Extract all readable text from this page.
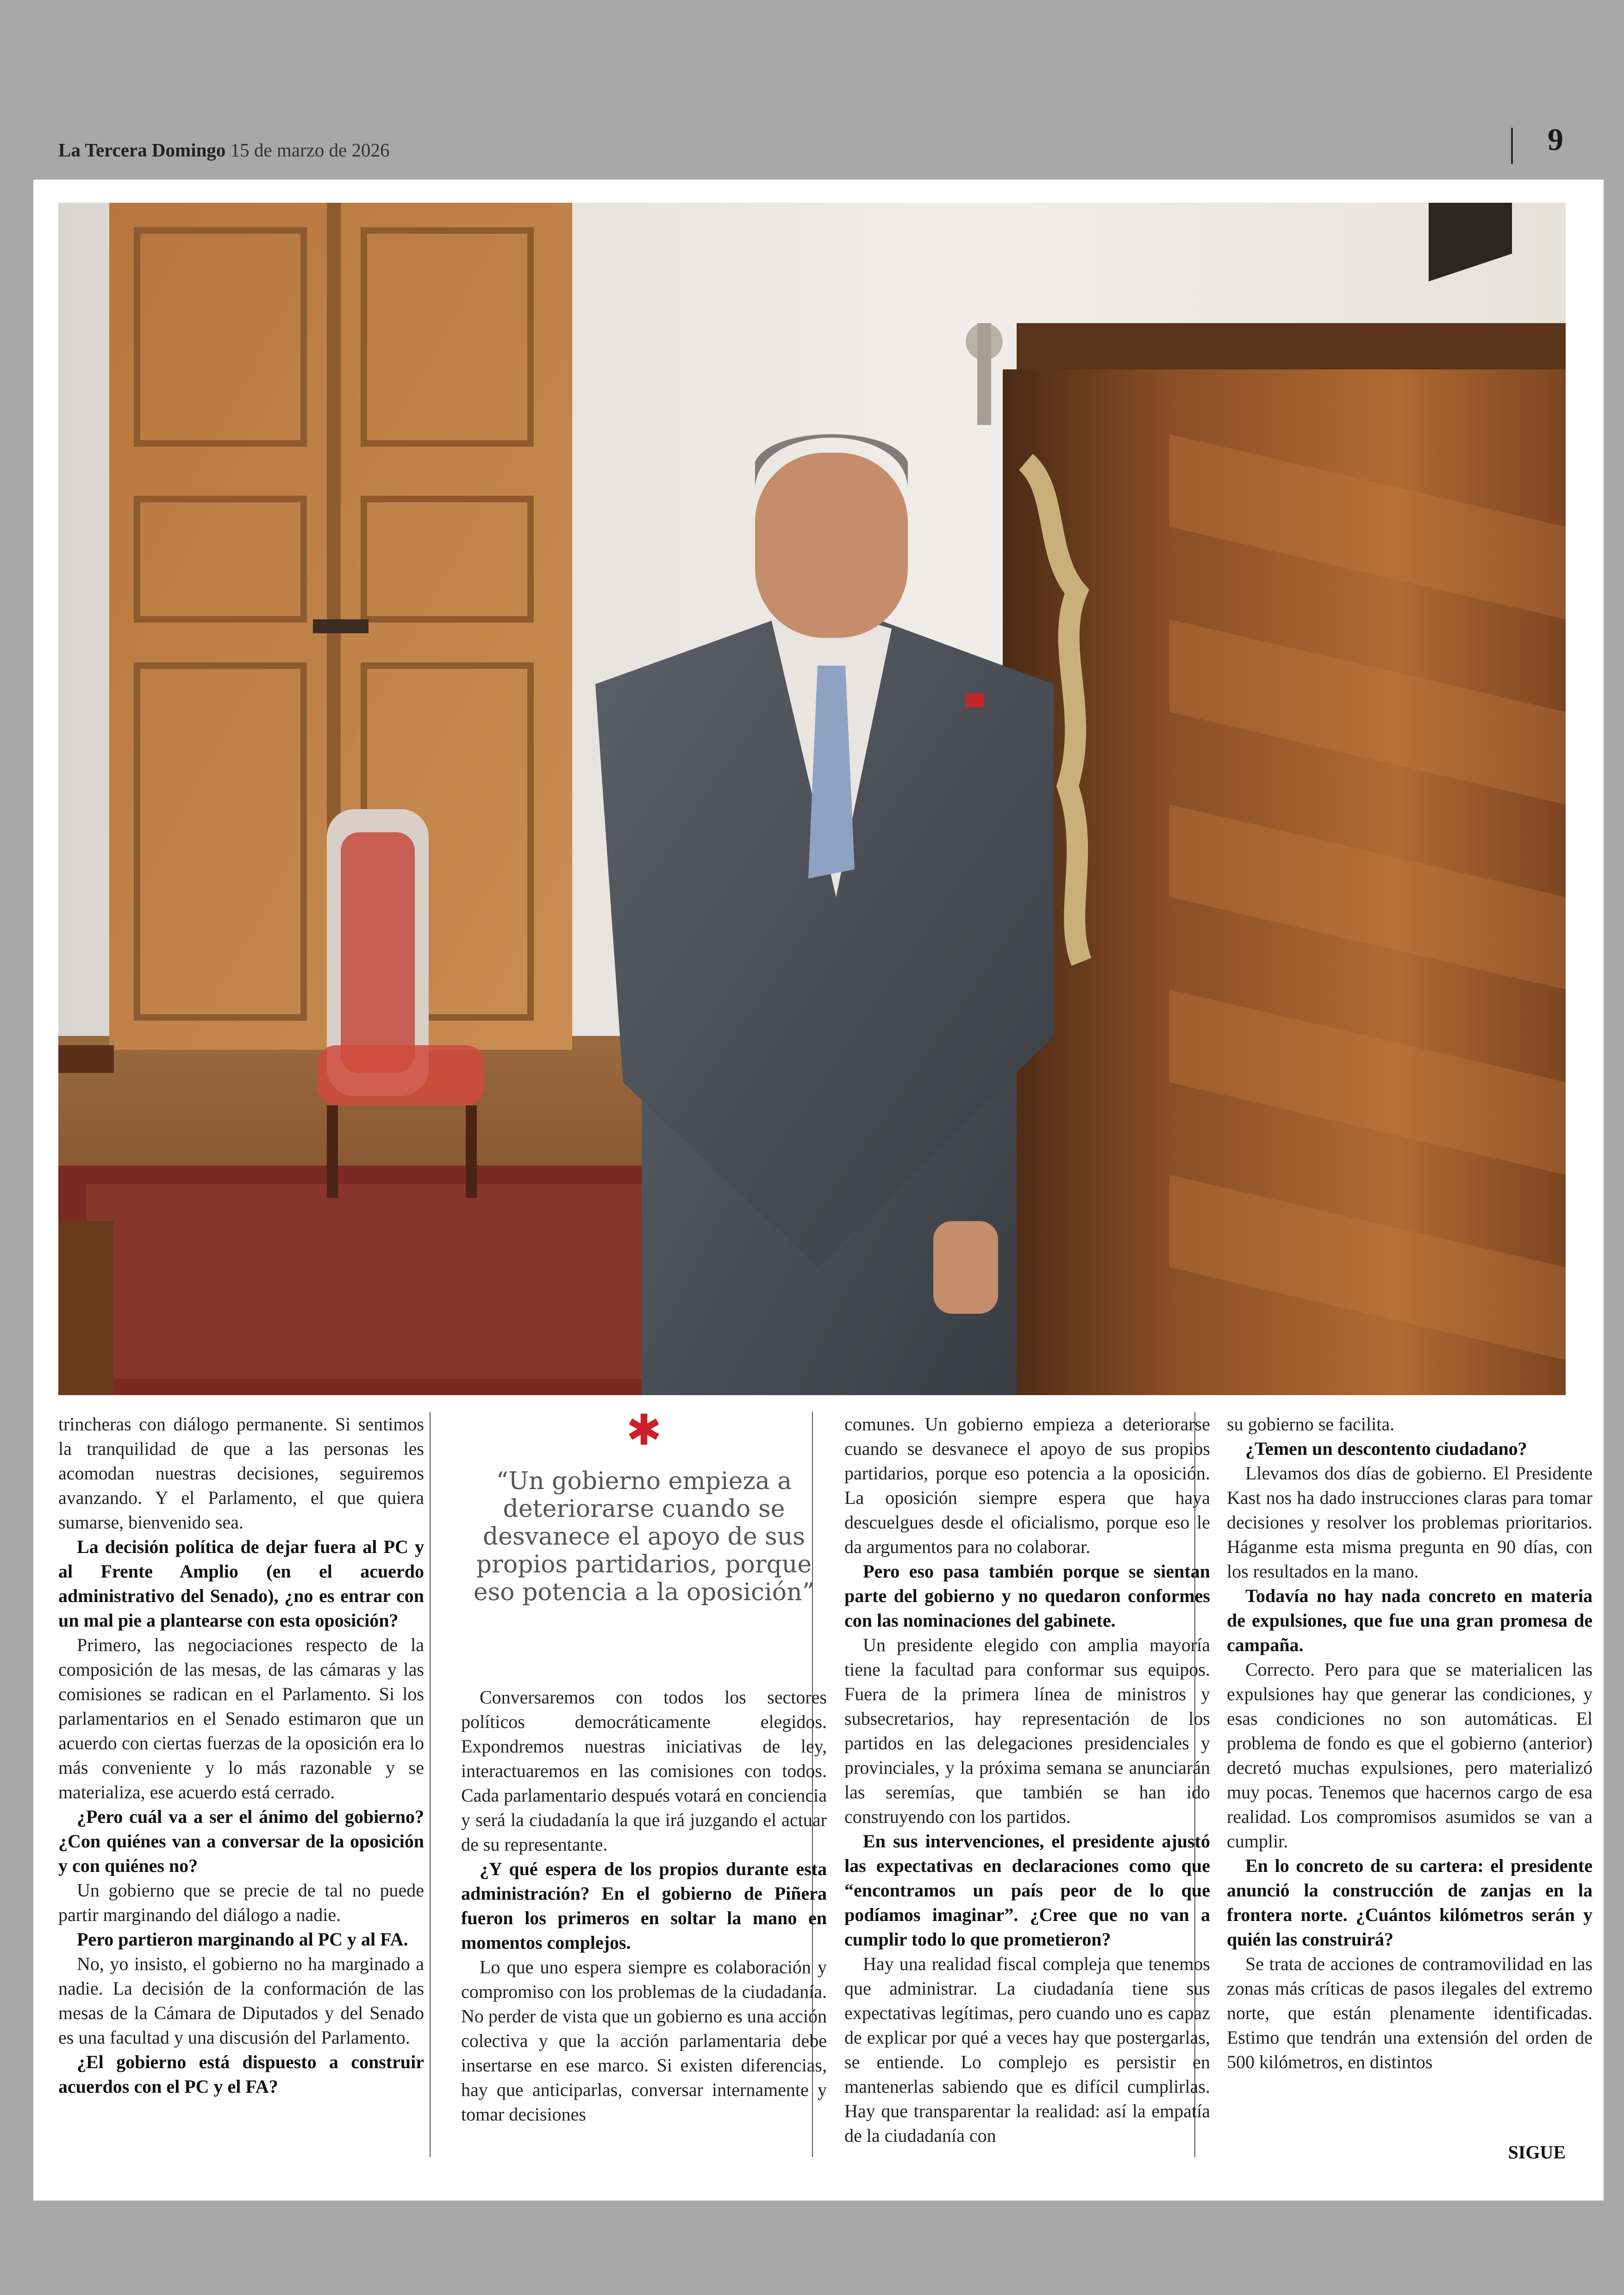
La Tercera Domingo 15 de marzo de 2026	9

trincheras con diálogo permanente. Si sentimos la tranquilidad de que a las personas les acomodan nuestras decisiones, seguiremos avanzando. Y el Parlamento, el que quiera sumarse, bienvenido sea.

La decisión política de dejar fuera al PC y al Frente Amplio (en el acuerdo administrativo del Senado), ¿no es entrar con un mal pie a plantearse con esta oposición?

Primero, las negociaciones respecto de la composición de las mesas, de las cámaras y las comisiones se radican en el Parlamento. Si los parlamentarios en el Senado estimaron que un acuerdo con ciertas fuerzas de la oposición era lo más conveniente y lo más razonable y se materializa, ese acuerdo está cerrado.

¿Pero cuál va a ser el ánimo del gobierno? ¿Con quiénes van a conversar de la oposición y con quiénes no?

Un gobierno que se precie de tal no puede partir marginando del diálogo a nadie.

Pero partieron marginando al PC y al FA.

No, yo insisto, el gobierno no ha marginado a nadie. La decisión de la conformación de las mesas de la Cámara de Diputados y del Senado es una facultad y una discusión del Parlamento.

¿El gobierno está dispuesto a construir acuerdos con el PC y el FA?

✱
“Un gobierno empieza a deteriorarse cuando se desvanece el apoyo de sus propios partidarios, porque eso potencia a la oposición”

Conversaremos con todos los sectores políticos democráticamente elegidos. Expondremos nuestras iniciativas de ley, interactuaremos en las comisiones con todos. Cada parlamentario después votará en conciencia y será la ciudadanía la que irá juzgando el actuar de su representante.

¿Y qué espera de los propios durante esta administración? En el gobierno de Piñera fueron los primeros en soltar la mano en momentos complejos.

Lo que uno espera siempre es colaboración y compromiso con los problemas de la ciudadanía. No perder de vista que un gobierno es una acción colectiva y que la acción parlamentaria debe insertarse en ese marco. Si existen diferencias, hay que anticiparlas, conversar internamente y tomar decisiones

comunes. Un gobierno empieza a deteriorarse cuando se desvanece el apoyo de sus propios partidarios, porque eso potencia a la oposición. La oposición siempre espera que haya descuelgues desde el oficialismo, porque eso le da argumentos para no colaborar.

Pero eso pasa también porque se sientan parte del gobierno y no quedaron conformes con las nominaciones del gabinete.

Un presidente elegido con amplia mayoría tiene la facultad para conformar sus equipos. Fuera de la primera línea de ministros y subsecretarios, hay representación de los partidos en las delegaciones presidenciales y provinciales, y la próxima semana se anunciarán las seremías, que también se han ido construyendo con los partidos.

En sus intervenciones, el presidente ajustó las expectativas en declaraciones como que “encontramos un país peor de lo que podíamos imaginar”. ¿Cree que no van a cumplir todo lo que prometieron?

Hay una realidad fiscal compleja que tenemos que administrar. La ciudadanía tiene sus expectativas legítimas, pero cuando uno es capaz de explicar por qué a veces hay que postergarlas, se entiende. Lo complejo es persistir en mantenerlas sabiendo que es difícil cumplirlas. Hay que transparentar la realidad: así la empatía de la ciudadanía con

su gobierno se facilita.

¿Temen un descontento ciudadano?

Llevamos dos días de gobierno. El Presidente Kast nos ha dado instrucciones claras para tomar decisiones y resolver los problemas prioritarios. Háganme esta misma pregunta en 90 días, con los resultados en la mano.

Todavía no hay nada concreto en materia de expulsiones, que fue una gran promesa de campaña.

Correcto. Pero para que se materialicen las expulsiones hay que generar las condiciones, y esas condiciones no son automáticas. El problema de fondo es que el gobierno (anterior) decretó muchas expulsiones, pero materializó muy pocas. Tenemos que hacernos cargo de esa realidad. Los compromisos asumidos se van a cumplir.

En lo concreto de su cartera: el presidente anunció la construcción de zanjas en la frontera norte. ¿Cuántos kilómetros serán y quién las construirá?

Se trata de acciones de contramovilidad en las zonas más críticas de pasos ilegales del extremo norte, que están plenamente identificadas. Estimo que tendrán una extensión del orden de 500 kilómetros, en distintos

SIGUE
